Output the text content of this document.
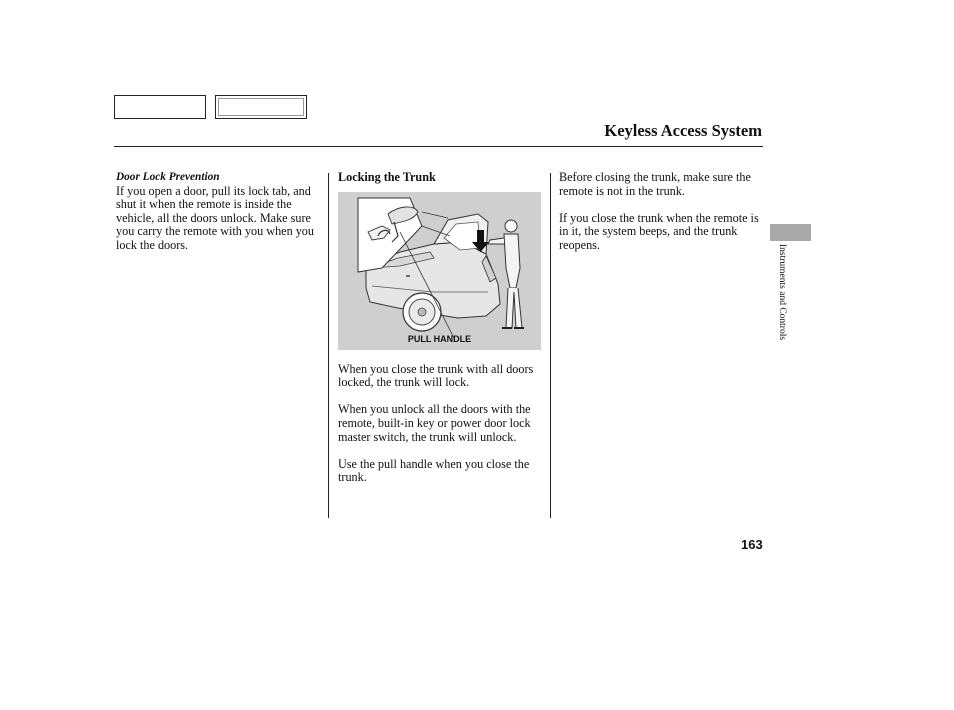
Keyless Access System
Door Lock Prevention

If you open a door, pull its lock tab, and shut it when the remote is inside the vehicle, all the doors unlock. Make sure you carry the remote with you when you lock the doors.

Locking the Trunk
PULL HANDLE

When you close the trunk with all doors locked, the trunk will lock.

When you unlock all the doors with the remote, built-in key or power door lock master switch, the trunk will unlock.

Use the pull handle when you close the trunk.

Before closing the trunk, make sure the remote is not in the trunk.

If you close the trunk when the remote is in it, the system beeps, and the trunk reopens.	Instruments and Controls
163
